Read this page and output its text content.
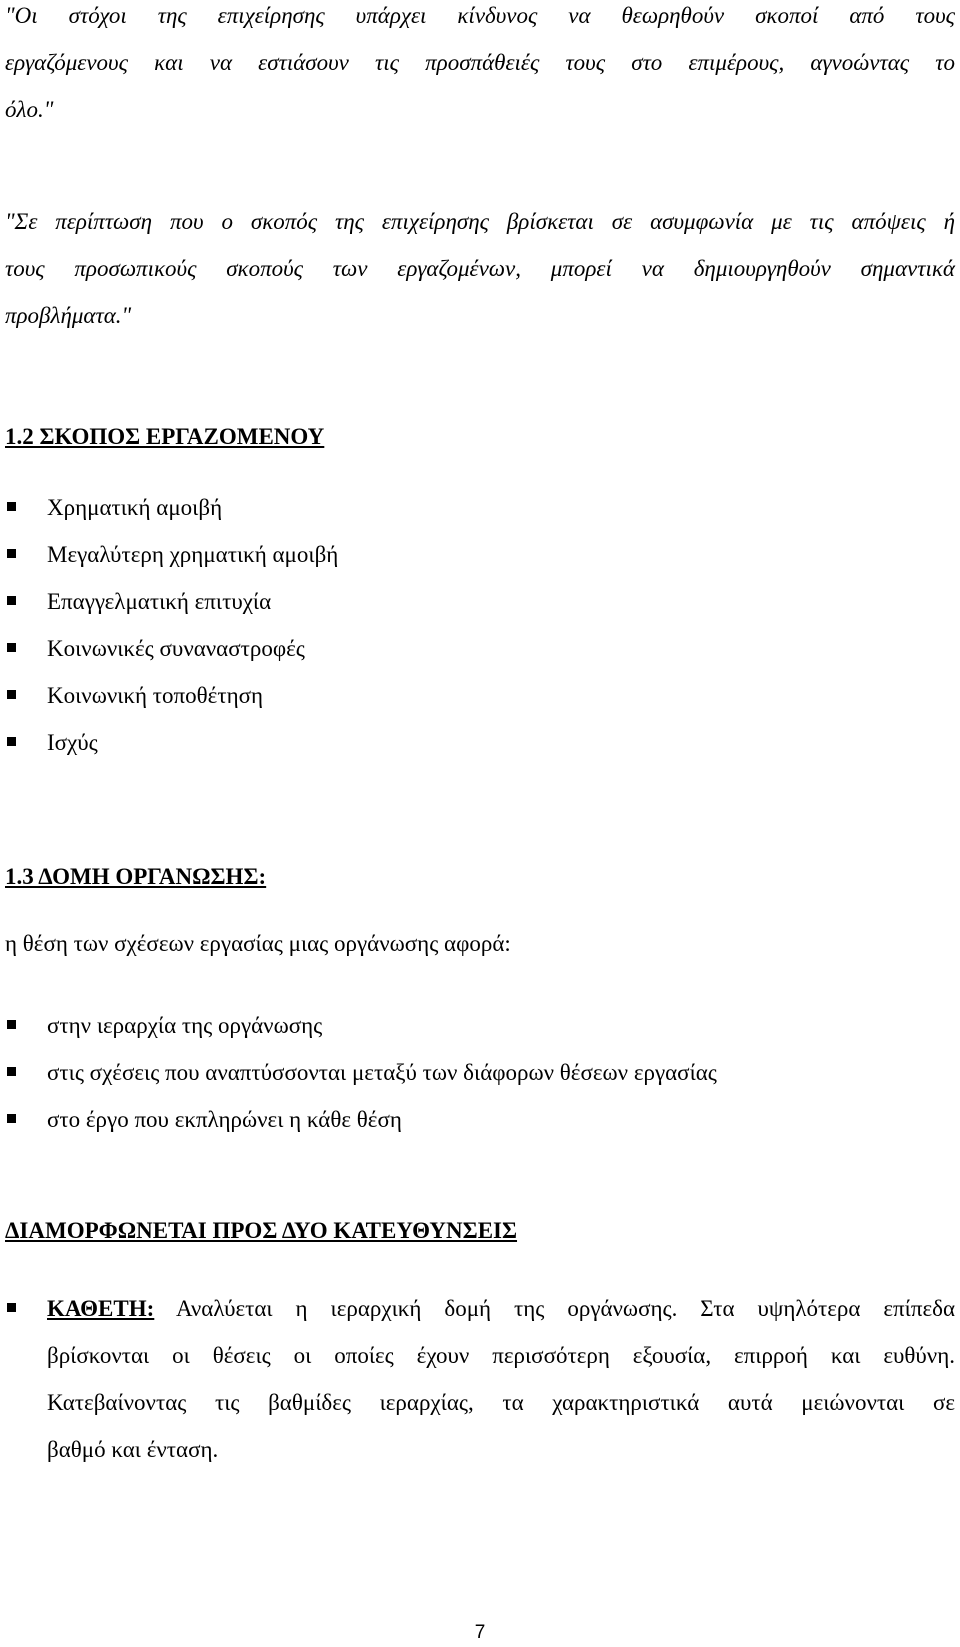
"Οι στόχοι της επιχείρησης υπάρχει κίνδυνος να θεωρηθούν σκοποί από τους
εργαζόμενους και να εστιάσουν τις προσπάθειές τους στο επιμέρους, αγνοώντας το
όλο."
"Σε περίπτωση που ο σκοπός της επιχείρησης βρίσκεται σε ασυμφωνία με τις απόψεις ή
τους προσωπικούς σκοπούς των εργαζομένων, μπορεί να δημιουργηθούν σημαντικά
προβλήματα."
1.2 ΣΚΟΠΟΣ ΕΡΓΑΖΟΜΕΝΟΥ
Χρηματική αμοιβή
Μεγαλύτερη χρηματική αμοιβή
Επαγγελματική επιτυχία
Κοινωνικές συναναστροφές
Κοινωνική τοποθέτηση
Ισχύς
1.3 ΔΟΜΗ ΟΡΓΑΝΩΣΗΣ:

η θέση των σχέσεων εργασίας μιας οργάνωσης αφορά:

στην ιεραρχία της οργάνωσης
στις σχέσεις που αναπτύσσονται μεταξύ των διάφορων θέσεων εργασίας
στο έργο που εκπληρώνει η κάθε θέση
ΔΙΑΜΟΡΦΩΝΕΤΑΙ ΠΡΟΣ ΔΥΟ ΚΑΤΕΥΘΥΝΣΕΙΣ
ΚΑΘΕΤΗ: Αναλύεται η ιεραρχική δομή της οργάνωσης. Στα υψηλότερα επίπεδα
βρίσκονται οι θέσεις οι οποίες έχουν περισσότερη εξουσία, επιρροή και ευθύνη.
Κατεβαίνοντας τις βαθμίδες ιεραρχίας, τα χαρακτηριστικά αυτά μειώνονται σε
βαθμό και ένταση.
7
